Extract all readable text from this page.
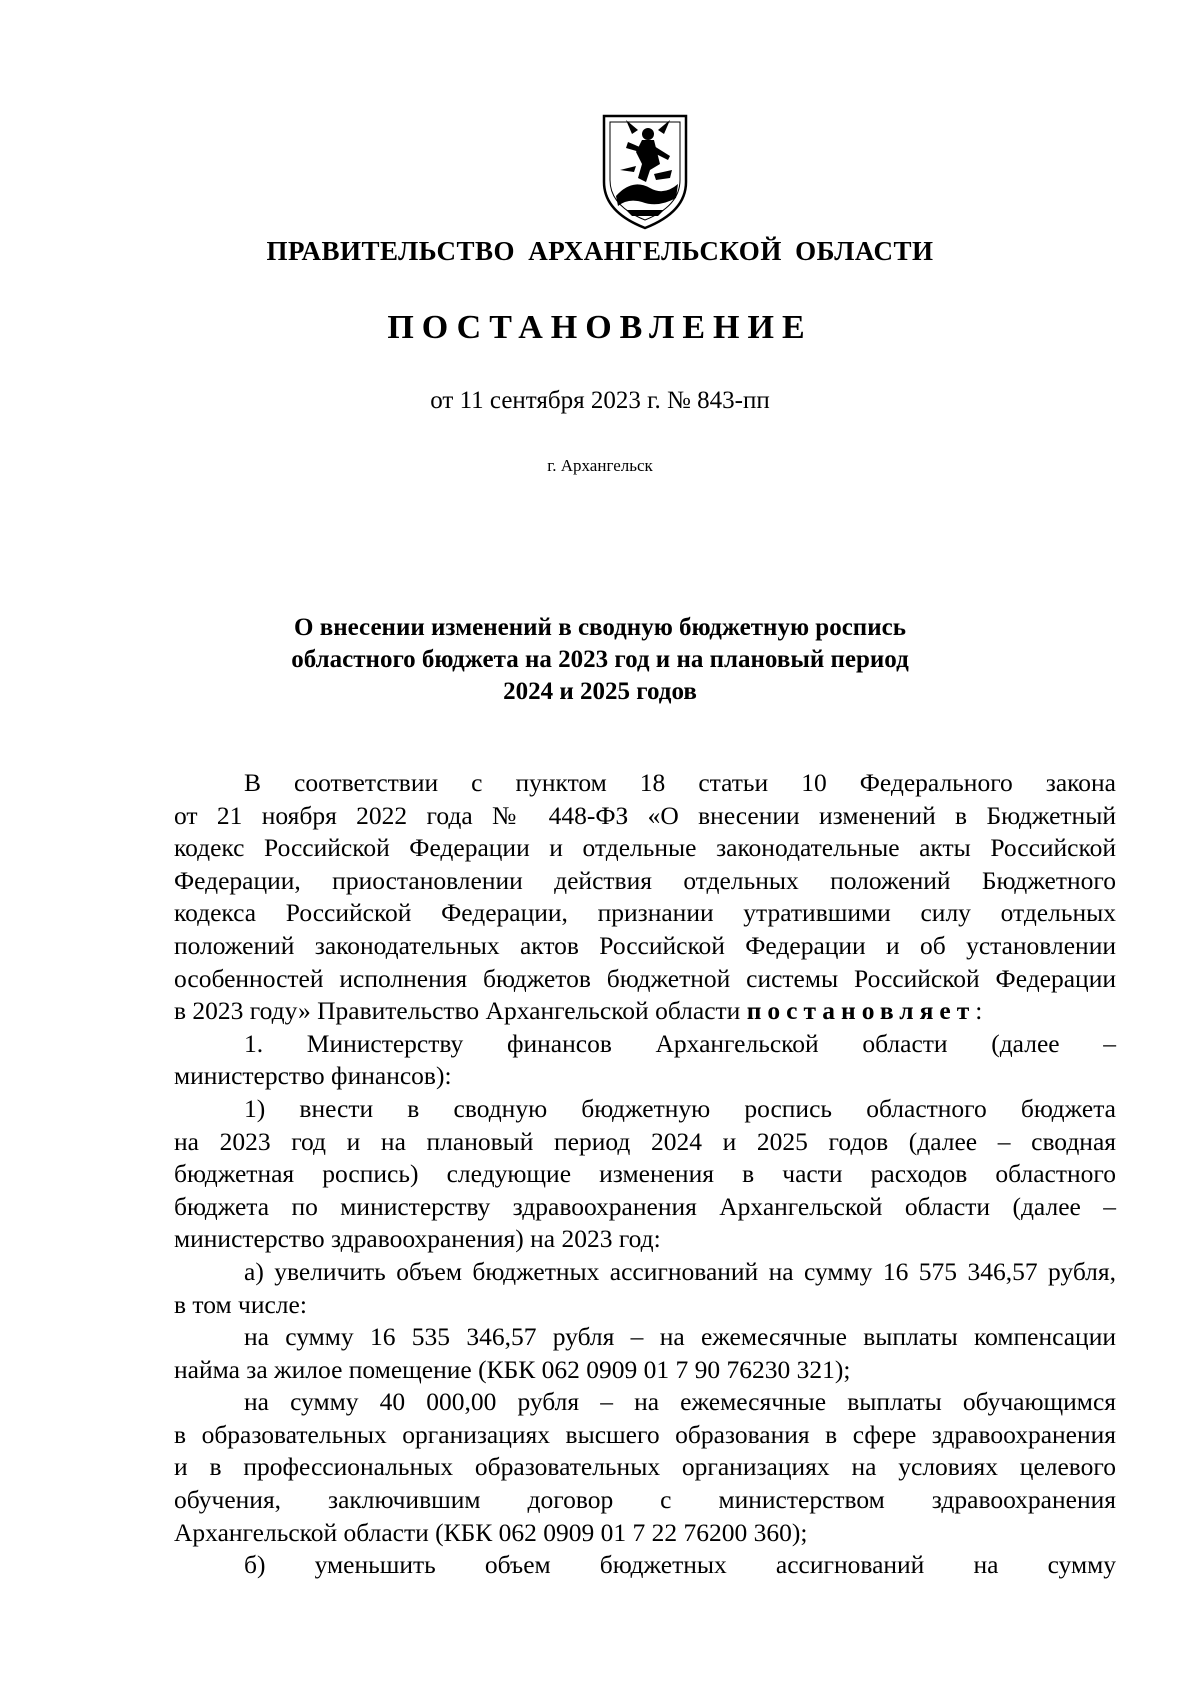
ПРАВИТЕЛЬСТВО АРХАНГЕЛЬСКОЙ ОБЛАСТИ
ПОСТАНОВЛЕНИЕ
от 11 сентября 2023 г. № 843-пп
г. Архангельск
О внесении изменений в сводную бюджетную роспись
областного бюджета на 2023 год и на плановый период
2024 и 2025 годов

В соответствии с пунктом 18 статьи 10 Федерального закона

от 21 ноября 2022 года № 448-ФЗ «О внесении изменений в Бюджетный

кодекс Российской Федерации и отдельные законодательные акты Российской

Федерации, приостановлении действия отдельных положений Бюджетного

кодекса Российской Федерации, признании утратившими силу отдельных

положений законодательных актов Российской Федерации и об установлении

особенностей исполнения бюджетов бюджетной системы Российской Федерации

в 2023 году» Правительство Архангельской области постановляет:

1. Министерству финансов Архангельской области (далее –

министерство финансов):

1) внести в сводную бюджетную роспись областного бюджета

на 2023 год и на плановый период 2024 и 2025 годов (далее – сводная

бюджетная роспись) следующие изменения в части расходов областного

бюджета по министерству здравоохранения Архангельской области (далее –

министерство здравоохранения) на 2023 год:

а) увеличить объем бюджетных ассигнований на сумму 16 575 346,57 рубля,

в том числе:

на сумму 16 535 346,57 рубля – на ежемесячные выплаты компенсации

найма за жилое помещение (КБК 062 0909 01 7 90 76230 321);

на сумму 40 000,00 рубля – на ежемесячные выплаты обучающимся

в образовательных организациях высшего образования в сфере здравоохранения

и в профессиональных образовательных организациях на условиях целевого

обучения, заключившим договор с министерством здравоохранения

Архангельской области (КБК 062 0909 01 7 22 76200 360);

б) уменьшить объем бюджетных ассигнований на сумму
